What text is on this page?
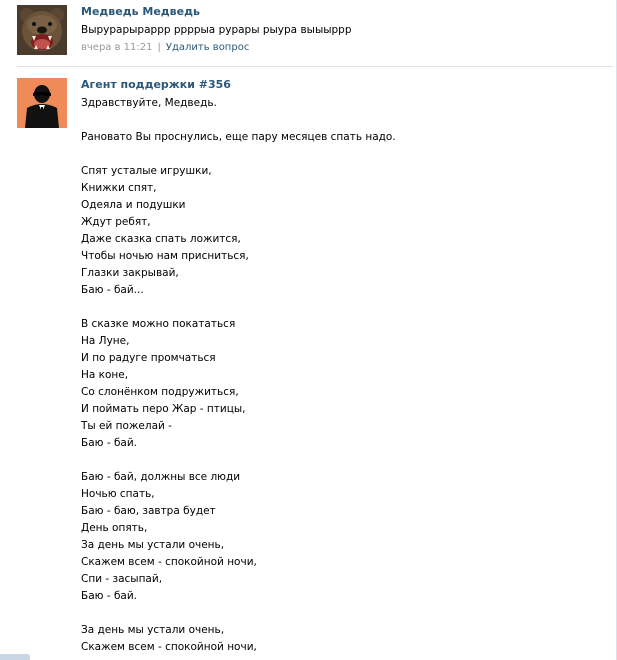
Медведь Медведь
Вырурарыраррр ррррыа рурары рыура выыыррр
вчера в 11:21 | Удалить вопрос
Агент поддержки #356
Здравствуйте, Медведь.
Рановато Вы проснулись, еще пару месяцев спать надо.
Спят усталые игрушки,
Книжки спят,
Одеяла и подушки
Ждут ребят,
Даже сказка спать ложится,
Чтобы ночью нам присниться,
Глазки закрывай,
Баю - бай...
В сказке можно покататься
На Луне,
И по радуге промчаться
На коне,
Со слонёнком подружиться,
И поймать перо Жар - птицы,
Ты ей пожелай -
Баю - бай.
Баю - бай, должны все люди
Ночью спать,
Баю - баю, завтра будет
День опять,
За день мы устали очень,
Скажем всем - спокойной ночи,
Спи - засыпай,
Баю - бай.
За день мы устали очень,
Скажем всем - спокойной ночи,
